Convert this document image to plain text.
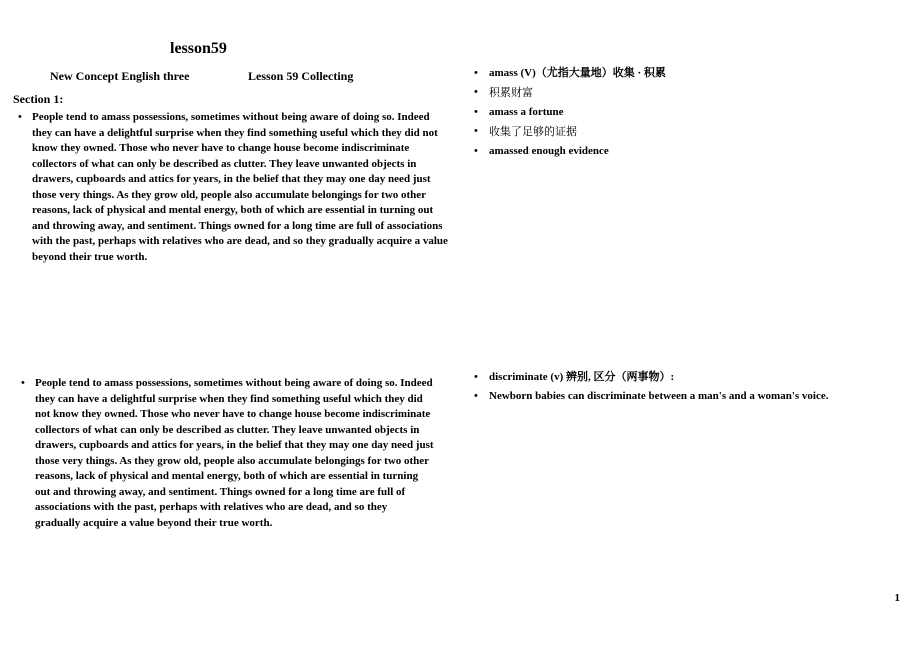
lesson59
New Concept English three	Lesson 59 Collecting
Section 1:
• People tend to amass possessions, sometimes without being aware of doing so. Indeed they can have a delightful surprise when they find something useful which they did not know they owned. Those who never have to change house become indiscriminate collectors of what can only be described as clutter. They leave unwanted objects in drawers, cupboards and attics for years, in the belief that they may one day need just those very things. As they grow old, people also accumulate belongings for two other reasons, lack of physical and mental energy, both of which are essential in turning out and throwing away, and sentiment. Things owned for a long time are full of associations with the past, perhaps with relatives who are dead, and so they gradually acquire a value beyond their true worth.
• People tend to amass possessions, sometimes without being aware of doing so. Indeed they can have a delightful surprise when they find something useful which they did not know they owned. Those who never have to change house become indiscriminate collectors of what can only be described as clutter. They leave unwanted objects in drawers, cupboards and attics for years, in the belief that they may one day need just those very things. As they grow old, people also accumulate belongings for two other reasons, lack of physical and mental energy, both of which are essential in turning out and throwing away, and sentiment. Things owned for a long time are full of associations with the past, perhaps with relatives who are dead, and so they gradually acquire a value beyond their true worth.
• amass (V)（尤指大量地）收集 · 积累
• 积累财富
• amass a fortune
• 收集了足够的证据
• amassed enough evidence
• discriminate (v) 辨别, 区分（两事物）:
• Newborn babies can discriminate between a man's and a woman's voice.
1
